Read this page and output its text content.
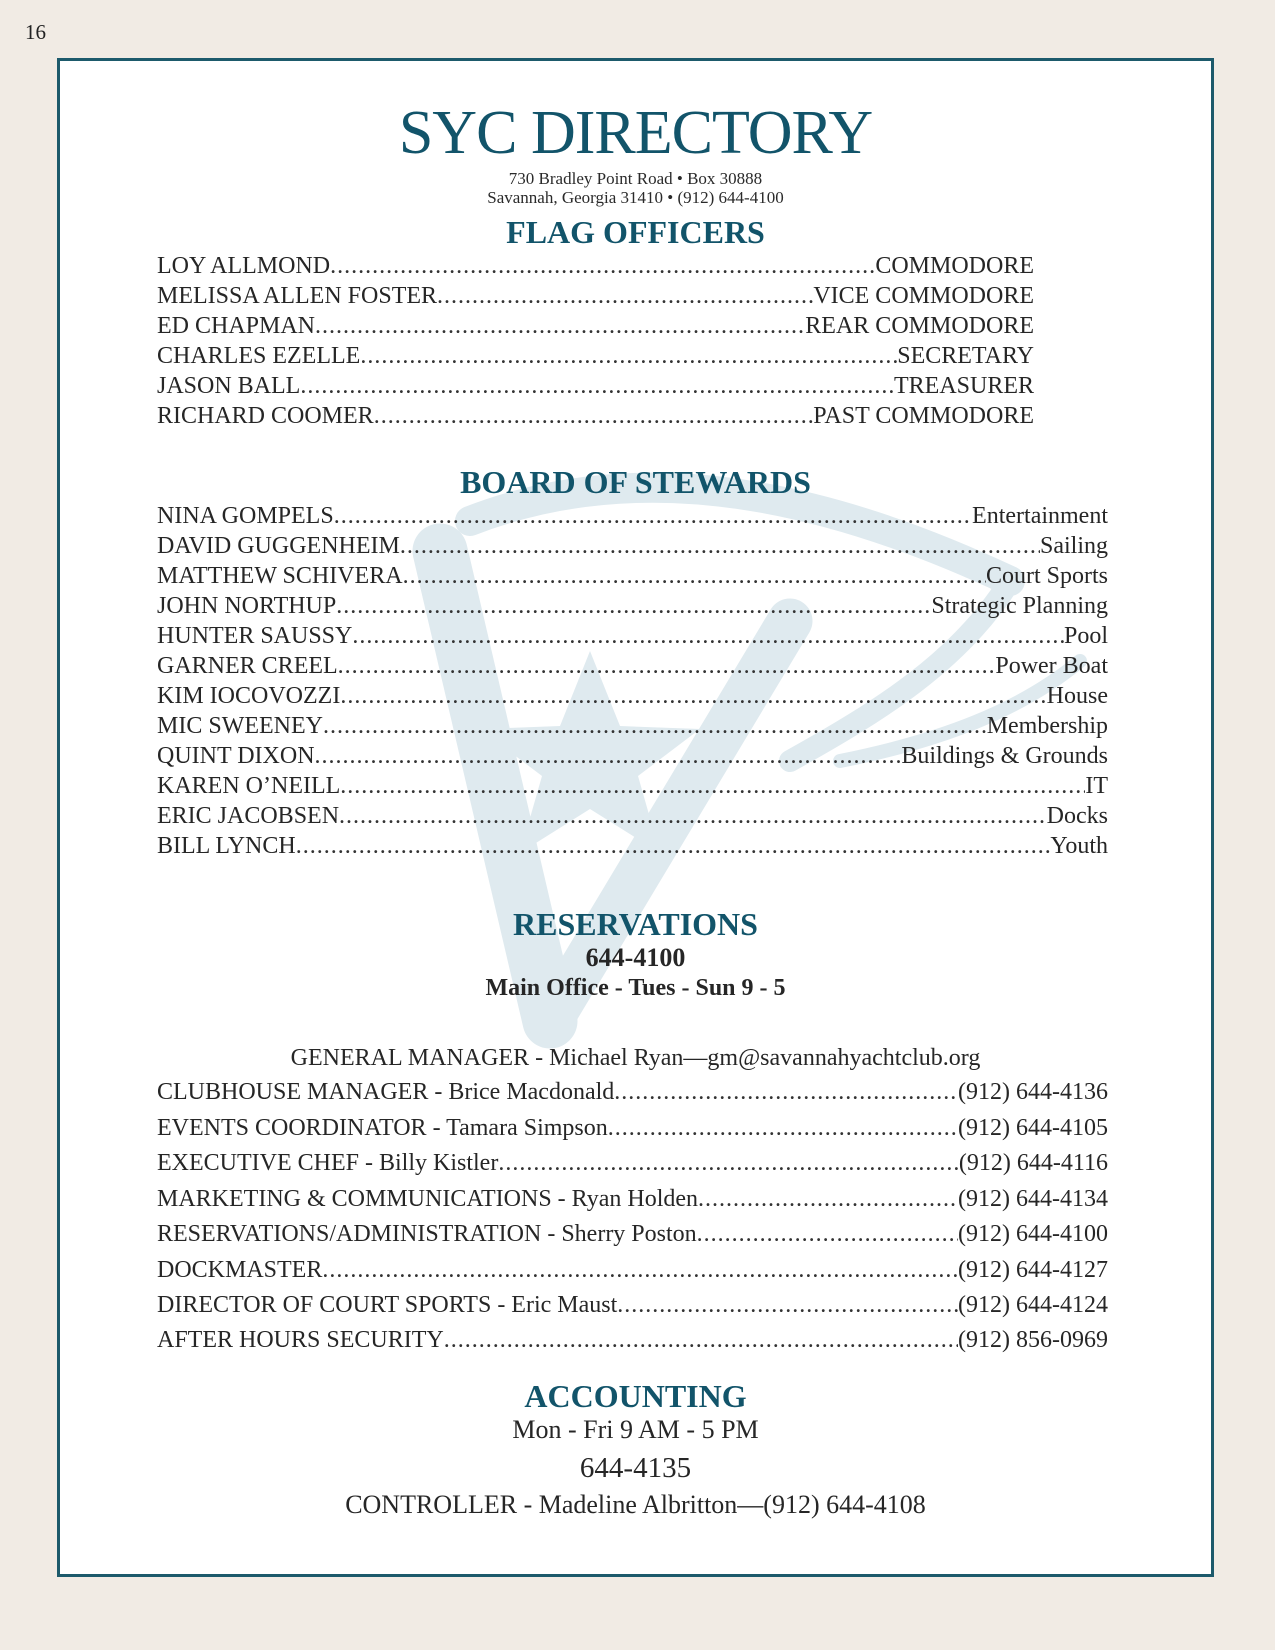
16
SYC DIRECTORY
730 Bradley Point Road • Box 30888
Savannah, Georgia 31410 • (912) 644-4100
FLAG OFFICERS
LOY ALLMOND .....	COMMODORE
MELISSA ALLEN FOSTER .....	VICE COMMODORE
ED CHAPMAN .....	REAR COMMODORE
CHARLES EZELLE .....	SECRETARY
JASON BALL .....	TREASURER
RICHARD COOMER .....	PAST COMMODORE
BOARD OF STEWARDS
NINA GOMPELS .....	Entertainment
DAVID GUGGENHEIM .....	Sailing
MATTHEW SCHIVERA .....	Court Sports
JOHN NORTHUP .....	Strategic Planning
HUNTER SAUSSY .....	Pool
GARNER CREEL .....	Power Boat
KIM IOCOVOZZI .....	House
MIC SWEENEY .....	Membership
QUINT DIXON .....	Buildings & Grounds
KAREN O’NEILL .....	IT
ERIC JACOBSEN .....	Docks
BILL LYNCH .....	Youth
RESERVATIONS
644-4100
Main Office - Tues - Sun 9 - 5
GENERAL MANAGER - Michael Ryan—gm@savannahyachtclub.org
CLUBHOUSE MANAGER - Brice Macdonald .....	(912) 644-4136
EVENTS COORDINATOR - Tamara Simpson .....	(912) 644-4105
EXECUTIVE CHEF - Billy Kistler .....	(912) 644-4116
MARKETING & COMMUNICATIONS - Ryan Holden .....	(912) 644-4134
RESERVATIONS/ADMINISTRATION - Sherry Poston .....	(912) 644-4100
DOCKMASTER .....	(912) 644-4127
DIRECTOR OF COURT SPORTS - Eric Maust .....	(912) 644-4124
AFTER HOURS SECURITY .....	(912) 856-0969
ACCOUNTING
Mon - Fri 9 AM - 5 PM
644-4135
CONTROLLER - Madeline Albritton—(912) 644-4108
